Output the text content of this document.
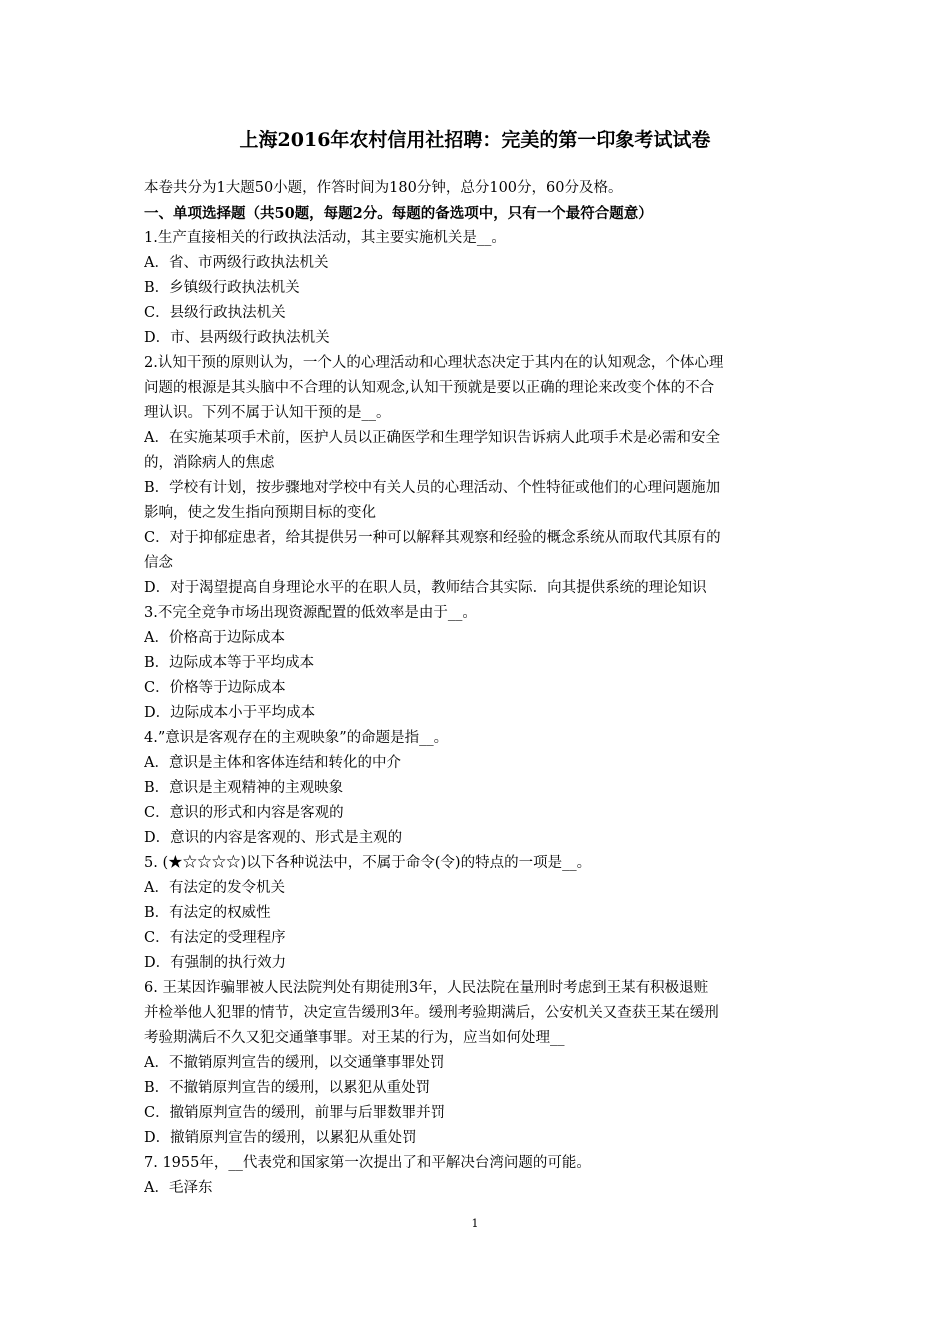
上海2016年农村信用社招聘：完美的第一印象考试试卷
本卷共分为1大题50小题，作答时间为180分钟，总分100分，60分及格。
一、单项选择题（共50题，每题2分。每题的备选项中，只有一个最符合题意）
1.生产直接相关的行政执法活动，其主要实施机关是__。
A．省、市两级行政执法机关
B．乡镇级行政执法机关
C．县级行政执法机关
D．市、县两级行政执法机关
2.认知干预的原则认为，一个人的心理活动和心理状态决定于其内在的认知观念，个体心理
问题的根源是其头脑中不合理的认知观念,认知干预就是要以正确的理论来改变个体的不合
理认识。下列不属于认知干预的是__。
A．在实施某项手术前，医护人员以正确医学和生理学知识告诉病人此项手术是必需和安全
的，消除病人的焦虑
B．学校有计划，按步骤地对学校中有关人员的心理活动、个性特征或他们的心理问题施加
影响，使之发生指向预期目标的变化
C．对于抑郁症患者，给其提供另一种可以解释其观察和经验的概念系统从而取代其原有的
信念
D．对于渴望提高自身理论水平的在职人员，教师结合其实际．向其提供系统的理论知识
3.不完全竞争市场出现资源配置的低效率是由于__。
A．价格高于边际成本
B．边际成本等于平均成本
C．价格等于边际成本
D．边际成本小于平均成本
4.”意识是客观存在的主观映象”的命题是指__。
A．意识是主体和客体连结和转化的中介
B．意识是主观精神的主观映象
C．意识的形式和内容是客观的
D．意识的内容是客观的、形式是主观的
5. (★☆☆☆☆)以下各种说法中，不属于命令(令)的特点的一项是__。
A．有法定的发令机关
B．有法定的权威性
C．有法定的受理程序
D．有强制的执行效力
6. 王某因诈骗罪被人民法院判处有期徒刑3年，人民法院在量刑时考虑到王某有积极退赃
并检举他人犯罪的情节，决定宣告缓刑3年。缓刑考验期满后，公安机关又查获王某在缓刑
考验期满后不久又犯交通肇事罪。对王某的行为，应当如何处理__
A．不撤销原判宣告的缓刑，以交通肇事罪处罚
B．不撤销原判宣告的缓刑，以累犯从重处罚
C．撤销原判宣告的缓刑，前罪与后罪数罪并罚
D．撤销原判宣告的缓刑，以累犯从重处罚
7. 1955年，__代表党和国家第一次提出了和平解决台湾问题的可能。
A．毛泽东
1
